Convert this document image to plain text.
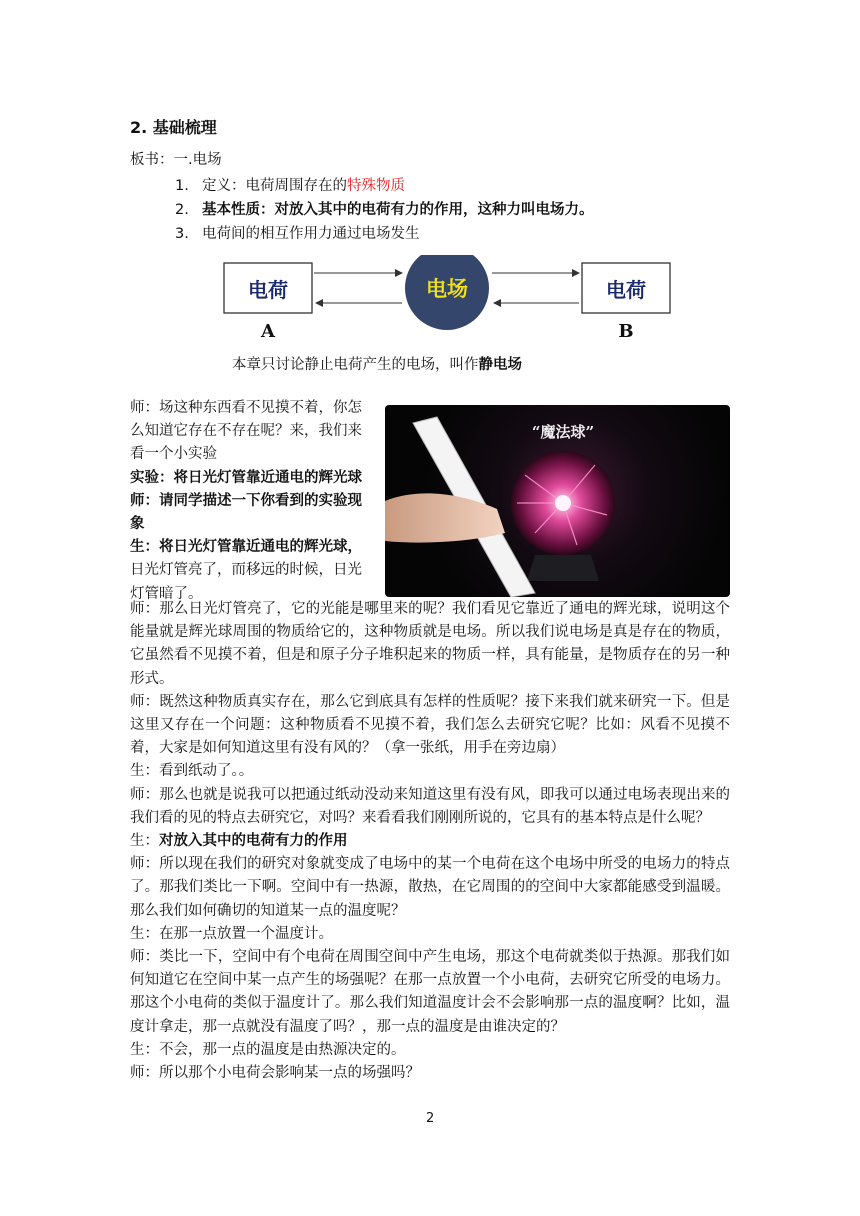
2. 基础梳理
板书：一.电场
1. 定义：电荷周围存在的特殊物质
2. 基本性质：对放入其中的电荷有力的作用，这种力叫电场力。
3. 电荷间的相互作用力通过电场发生
电荷
A
电场	电荷
B
本章只讨论静止电荷产生的电场，叫作静电场

师：场这种东西看不见摸不着，你怎么知道它存在不存在呢？来，我们来看一个小实验

实验：将日光灯管靠近通电的辉光球

师：请同学描述一下你看到的实验现象

生：将日光灯管靠近通电的辉光球，日光灯管亮了，而移远的时候，日光灯管暗了。

“魔法球”

师：那么日光灯管亮了，它的光能是哪里来的呢？我们看见它靠近了通电的辉光球，说明这个能量就是辉光球周围的物质给它的，这种物质就是电场。所以我们说电场是真是存在的物质，它虽然看不见摸不着，但是和原子分子堆积起来的物质一样，具有能量，是物质存在的另一种形式。

师：既然这种物质真实存在，那么它到底具有怎样的性质呢？接下来我们就来研究一下。但是这里又存在一个问题：这种物质看不见摸不着，我们怎么去研究它呢？比如：风看不见摸不着，大家是如何知道这里有没有风的？（拿一张纸，用手在旁边扇）

生：看到纸动了。。

师：那么也就是说我可以把通过纸动没动来知道这里有没有风，即我可以通过电场表现出来的我们看的见的特点去研究它，对吗？来看看我们刚刚所说的，它具有的基本特点是什么呢？

生：对放入其中的电荷有力的作用

师：所以现在我们的研究对象就变成了电场中的某一个电荷在这个电场中所受的电场力的特点了。那我们类比一下啊。空间中有一热源，散热，在它周围的的空间中大家都能感受到温暖。那么我们如何确切的知道某一点的温度呢？

生：在那一点放置一个温度计。

师：类比一下，空间中有个电荷在周围空间中产生电场，那这个电荷就类似于热源。那我们如何知道它在空间中某一点产生的场强呢？在那一点放置一个小电荷，去研究它所受的电场力。那这个小电荷的类似于温度计了。那么我们知道温度计会不会影响那一点的温度啊？比如，温度计拿走，那一点就没有温度了吗？，那一点的温度是由谁决定的？

生：不会，那一点的温度是由热源决定的。

师：所以那个小电荷会影响某一点的场强吗？

2
